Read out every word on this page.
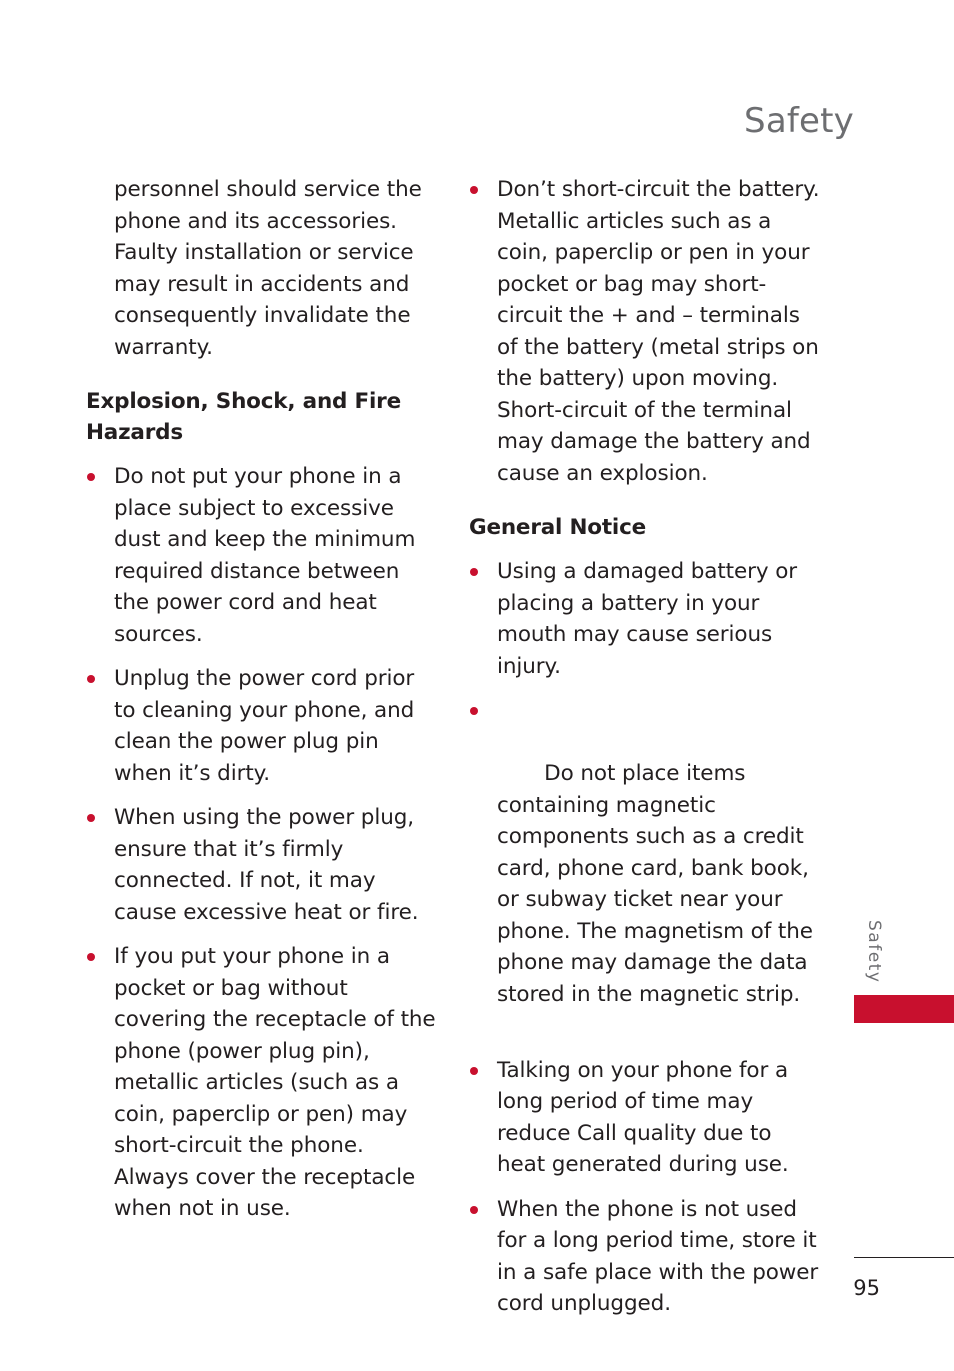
Safety

personnel should service the phone and its accessories. Faulty installation or service may result in accidents and consequently invalidate the warranty.

Explosion, Shock, and Fire Hazards
Do not put your phone in a place subject to excessive dust and keep the minimum required distance between the power cord and heat sources.
Unplug the power cord prior to cleaning your phone, and clean the power plug pin when it’s dirty.
When using the power plug, ensure that it’s firmly connected. If not, it may cause excessive heat or fire.
If you put your phone in a pocket or bag without covering the receptacle of the phone (power plug pin), metallic articles (such as a coin, paperclip or pen) may short-circuit the phone. Always cover the receptacle when not in use.
Don’t short-circuit the battery. Metallic articles such as a coin, paperclip or pen in your pocket or bag may short-circuit the + and – terminals of the battery (metal strips on the battery) upon moving. Short-circuit of the terminal may damage the battery and cause an explosion.
General Notice
Using a damaged battery or placing a battery in your mouth may cause serious injury.

Do not place items containing magnetic components such as a credit card, phone card, bank book, or subway ticket near your phone. The magnetism of the phone may damage the data stored in the magnetic strip.

Talking on your phone for a long period of time may reduce Call quality due to heat generated during use.
When the phone is not used for a long period time, store it in a safe place with the power cord unplugged.
Safety
95
